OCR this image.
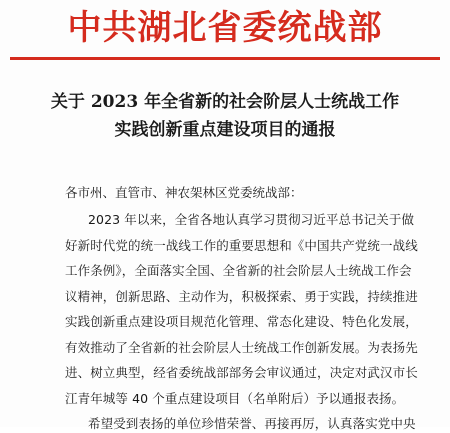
中共湖北省委统战部
关于 2023 年全省新的社会阶层人士统战工作
实践创新重点建设项目的通报
各市州、直管市、神农架林区党委统战部：
2023 年以来，全省各地认真学习贯彻习近平总书记关于做
好新时代党的统一战线工作的重要思想和《中国共产党统一战线
工作条例》，全面落实全国、全省新的社会阶层人士统战工作会
议精神，创新思路、主动作为，积极探索、勇于实践，持续推进
实践创新重点建设项目规范化管理、常态化建设、特色化发展，
有效推动了全省新的社会阶层人士统战工作创新发展。为表扬先
进、树立典型，经省委统战部部务会审议通过，决定对武汉市长
江青年城等 40 个重点建设项目（名单附后）予以通报表扬。
希望受到表扬的单位珍惜荣誉、再接再厉，认真落实党中央
